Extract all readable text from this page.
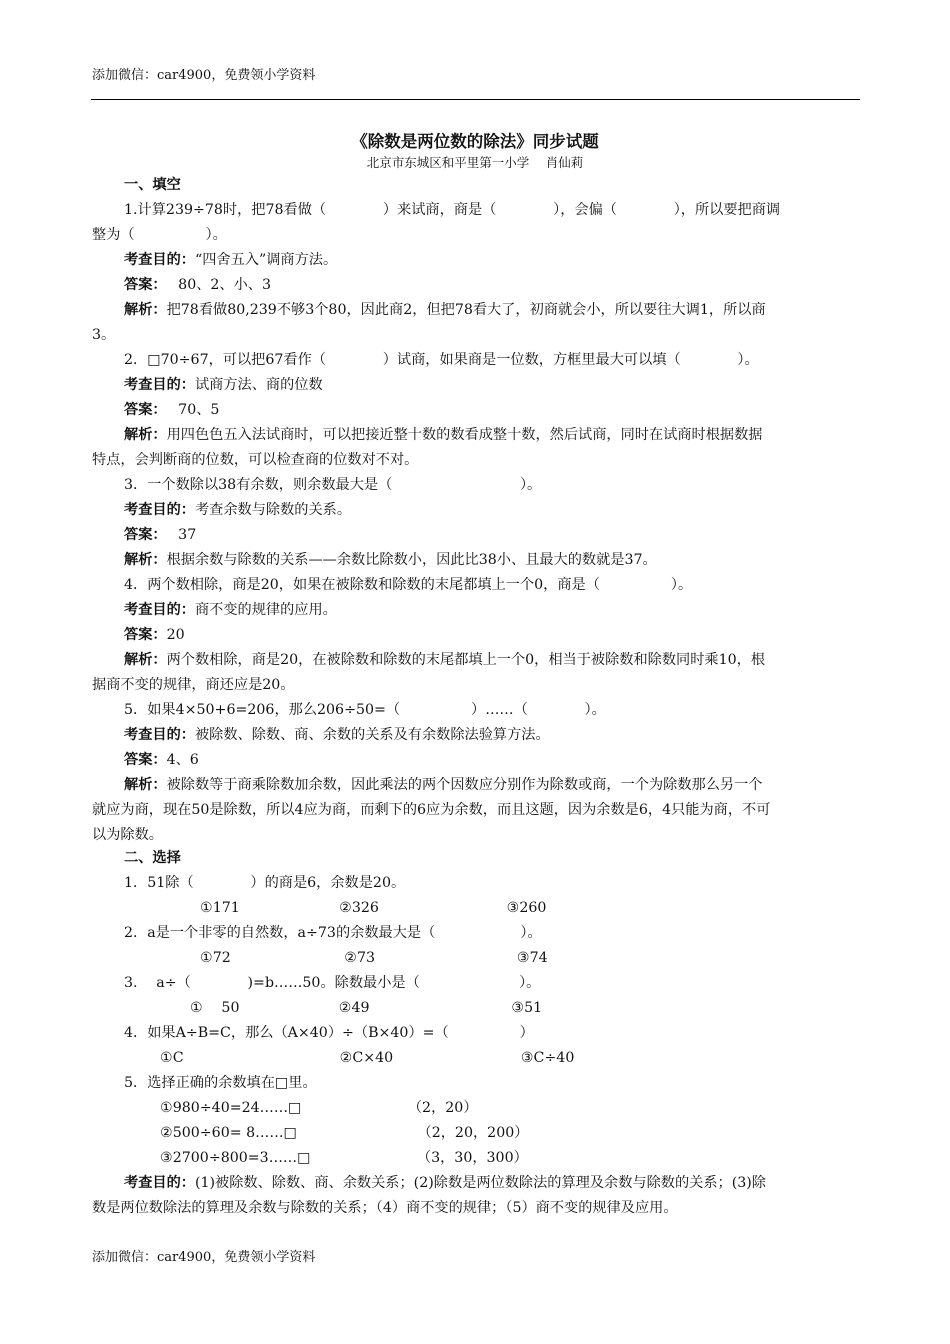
添加微信：car4900，免费领小学资料
《除数是两位数的除法》同步试题
北京市东城区和平里第一小学　 肖仙莉
一、填空
1.计算239÷78时，把78看做（　　　　）来试商，商是（　　　　），会偏（　　　　），所以要把商调
整为（　　　　　）。
考查目的：“四舍五入”调商方法。
答案：　 80、2、小、3
解析：把78看做80,239不够3个80，因此商2，但把78看大了，初商就会小，所以要往大调1，所以商
3。
2．□70÷67，可以把67看作（　　　　）试商，如果商是一位数，方框里最大可以填（　　　　）。
考查目的：试商方法、商的位数
答案：　 70、5
解析：用四色色五入法试商时，可以把接近整十数的数看成整十数，然后试商，同时在试商时根据数据
特点，会判断商的位数，可以检查商的位数对不对。
3．一个数除以38有余数，则余数最大是（　　　　　　　　　）。
考查目的：考查余数与除数的关系。
答案：　 37
解析：根据余数与除数的关系——余数比除数小，因此比38小、且最大的数就是37。
4．两个数相除，商是20，如果在被除数和除数的末尾都填上一个0，商是（　　　　　）。
考查目的：商不变的规律的应用。
答案：20
解析：两个数相除，商是20，在被除数和除数的末尾都填上一个0，相当于被除数和除数同时乘10，根
据商不变的规律，商还应是20。
5．如果4×50+6=206，那么206÷50=（　　　　　）……（　　　　）。
考查目的：被除数、除数、商、余数的关系及有余数除法验算方法。
答案：4、6
解析：被除数等于商乘除数加余数，因此乘法的两个因数应分别作为除数或商，一个为除数那么另一个
就应为商，现在50是除数，所以4应为商，而剩下的6应为余数，而且这题，因为余数是6，4只能为商，不可
以为除数。
二、选择
1．51除（　　　　）的商是6，余数是20。
①171　　　　　　　②326　　　　　　　　　③260
2．a是一个非零的自然数，a÷73的余数最大是（　　　　　　）。
①72　　　　　　　　②73　　　　　　　　　　③74
3.　 a÷（　　　　)=b……50。除数最小是（　　　　　　　）。
①　 50　　　　　　　②49　　　　　　　　　　③51
4．如果A÷B=C，那么（A×40）÷（B×40）=（　　　　　）
①C　　　　　　　　　　　②C×40　　　　　　　　　③C÷40
5．选择正确的余数填在□里。
①980÷40=24……□　　　　　　　　（2，20）
②500÷60= 8……□　　　　　　　　　（2，20，200）
③2700÷800=3……□　　　　　　　　（3，30，300）
考查目的：(1)被除数、除数、商、余数关系；(2)除数是两位数除法的算理及余数与除数的关系；(3)除
数是两位数除法的算理及余数与除数的关系；（4）商不变的规律；（5）商不变的规律及应用。
添加微信：car4900，免费领小学资料
